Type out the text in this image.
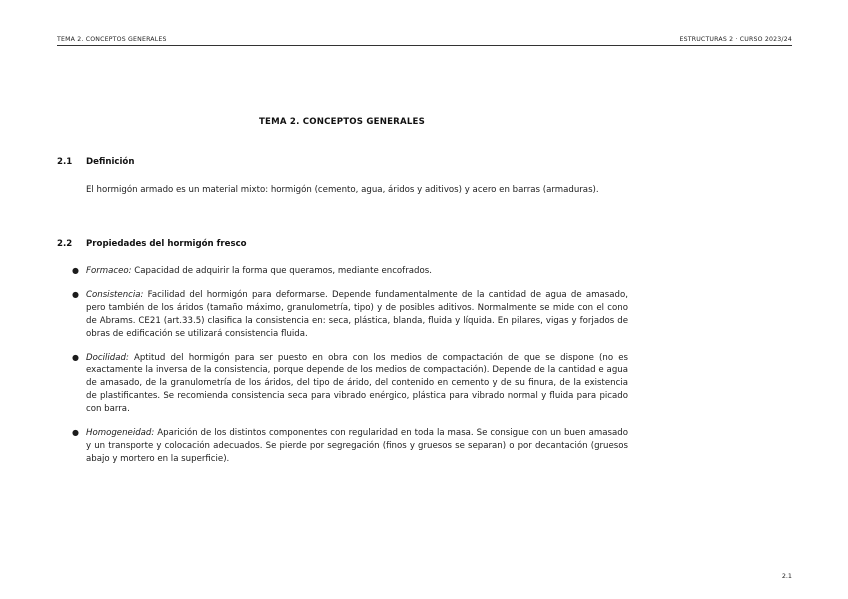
TEMA 2. CONCEPTOS GENERALES	ESTRUCTURAS 2 · CURSO 2023/24
TEMA 2. CONCEPTOS GENERALES
2.1 Definición
El hormigón armado es un material mixto: hormigón (cemento, agua, áridos y aditivos) y acero en barras (armaduras).
2.2 Propiedades del hormigón fresco
● Formaceo: Capacidad de adquirir la forma que queramos, mediante encofrados.
● Consistencia: Facilidad del hormigón para deformarse. Depende fundamentalmente de la cantidad de agua de amasado, pero también de los áridos (tamaño máximo, granulometría, tipo) y de posibles aditivos. Normalmente se mide con el cono de Abrams. CE21 (art.33.5) clasifica la consistencia en: seca, plástica, blanda, fluida y líquida. En pilares, vigas y forjados de obras de edificación se utilizará consistencia fluida.
● Docilidad: Aptitud del hormigón para ser puesto en obra con los medios de compactación de que se dispone (no es exactamente la inversa de la consistencia, porque depende de los medios de compactación). Depende de la cantidad e agua de amasado, de la granulometría de los áridos, del tipo de árido, del contenido en cemento y de su finura, de la existencia de plastificantes. Se recomienda consistencia seca para vibrado enérgico, plástica para vibrado normal y fluida para picado con barra.
● Homogeneidad: Aparición de los distintos componentes con regularidad en toda la masa. Se consigue con un buen amasado y un transporte y colocación adecuados. Se pierde por segregación (finos y gruesos se separan) o por decantación (gruesos abajo y mortero en la superficie).
2.1
